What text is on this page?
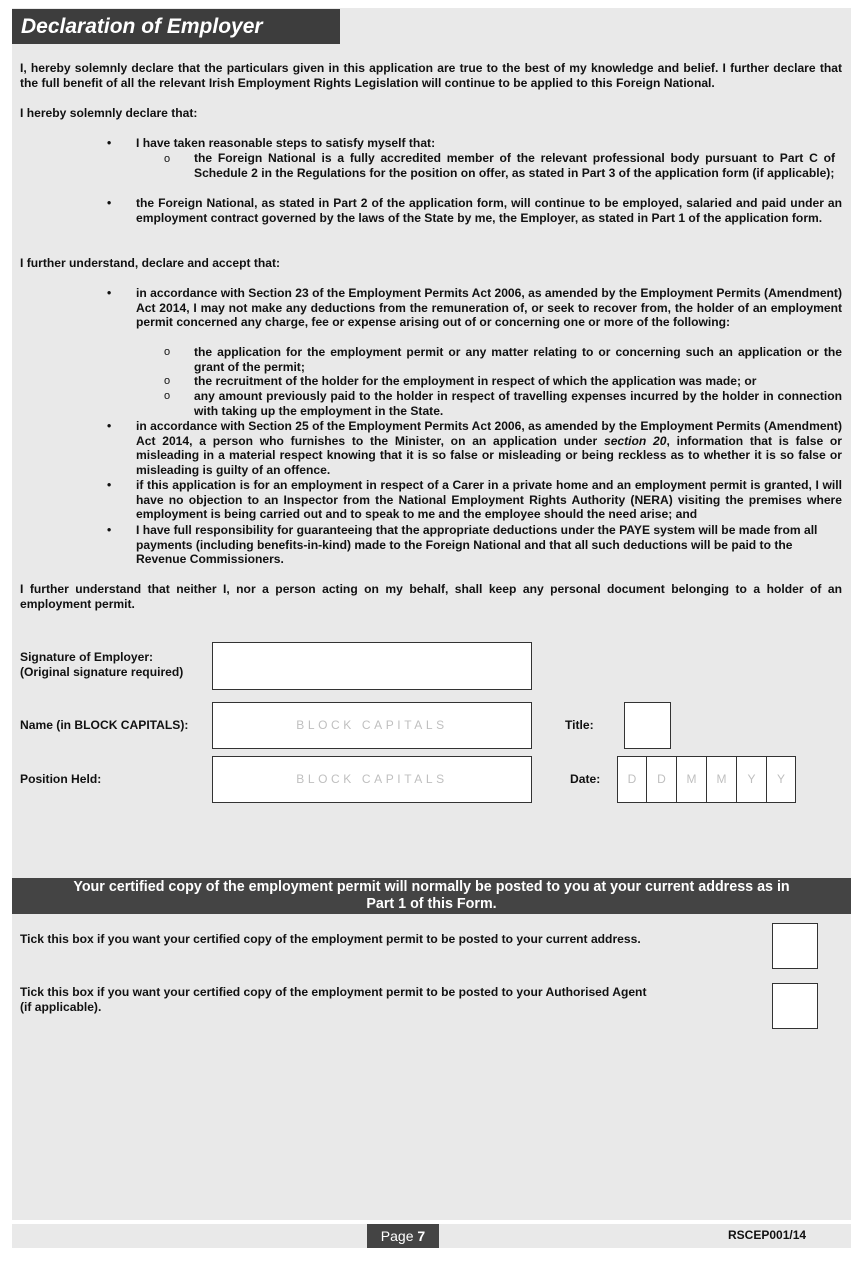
Declaration of Employer
I, hereby solemnly declare that the particulars given in this application are true to the best of my knowledge and belief. I further declare that the full benefit of all the relevant Irish Employment Rights Legislation will continue to be applied to this Foreign National.
I hereby solemnly declare that:
• I have taken reasonable steps to satisfy myself that:
o the Foreign National is a fully accredited member of the relevant professional body pursuant to Part C of Schedule 2 in the Regulations for the position on offer, as stated in Part 3 of the application form (if applicable);
• the Foreign National, as stated in Part 2 of the application form, will continue to be employed, salaried and paid under an employment contract governed by the laws of the State by me, the Employer, as stated in Part 1 of the application form.
I further understand, declare and accept that:
• in accordance with Section 23 of the Employment Permits Act 2006, as amended by the Employment Permits (Amendment) Act 2014, I may not make any deductions from the remuneration of, or seek to recover from, the holder of an employment permit concerned any charge, fee or expense arising out of or concerning one or more of the following:
o the application for the employment permit or any matter relating to or concerning such an application or the grant of the permit;
o the recruitment of the holder for the employment in respect of which the application was made; or
o any amount previously paid to the holder in respect of travelling expenses incurred by the holder in connection with taking up the employment in the State.
• in accordance with Section 25 of the Employment Permits Act 2006, as amended by the Employment Permits (Amendment) Act 2014, a person who furnishes to the Minister, on an application under section 20, information that is false or misleading in a material respect knowing that it is so false or misleading or being reckless as to whether it is so false or misleading is guilty of an offence.
• if this application is for an employment in respect of a Carer in a private home and an employment permit is granted, I will have no objection to an Inspector from the National Employment Rights Authority (NERA) visiting the premises where employment is being carried out and to speak to me and the employee should the need arise; and
• I have full responsibility for guaranteeing that the appropriate deductions under the PAYE system will be made from all payments (including benefits-in-kind) made to the Foreign National and that all such deductions will be paid to the Revenue Commissioners.
I further understand that neither I, nor a person acting on my behalf, shall keep any personal document belonging to a holder of an employment permit.
Signature of Employer:
(Original signature required)
Name (in BLOCK CAPITALS):	BLOCK CAPITALS	Title:
Position Held:	BLOCK CAPITALS	Date:	D	D	M	M	Y	Y
Your certified copy of the employment permit will normally be posted to you at your current address as in
Part 1 of this Form.
Tick this box if you want your certified copy of the employment permit to be posted to your current address.
Tick this box if you want your certified copy of the employment permit to be posted to your Authorised Agent
(if applicable).
Page 7	RSCEP001/14
